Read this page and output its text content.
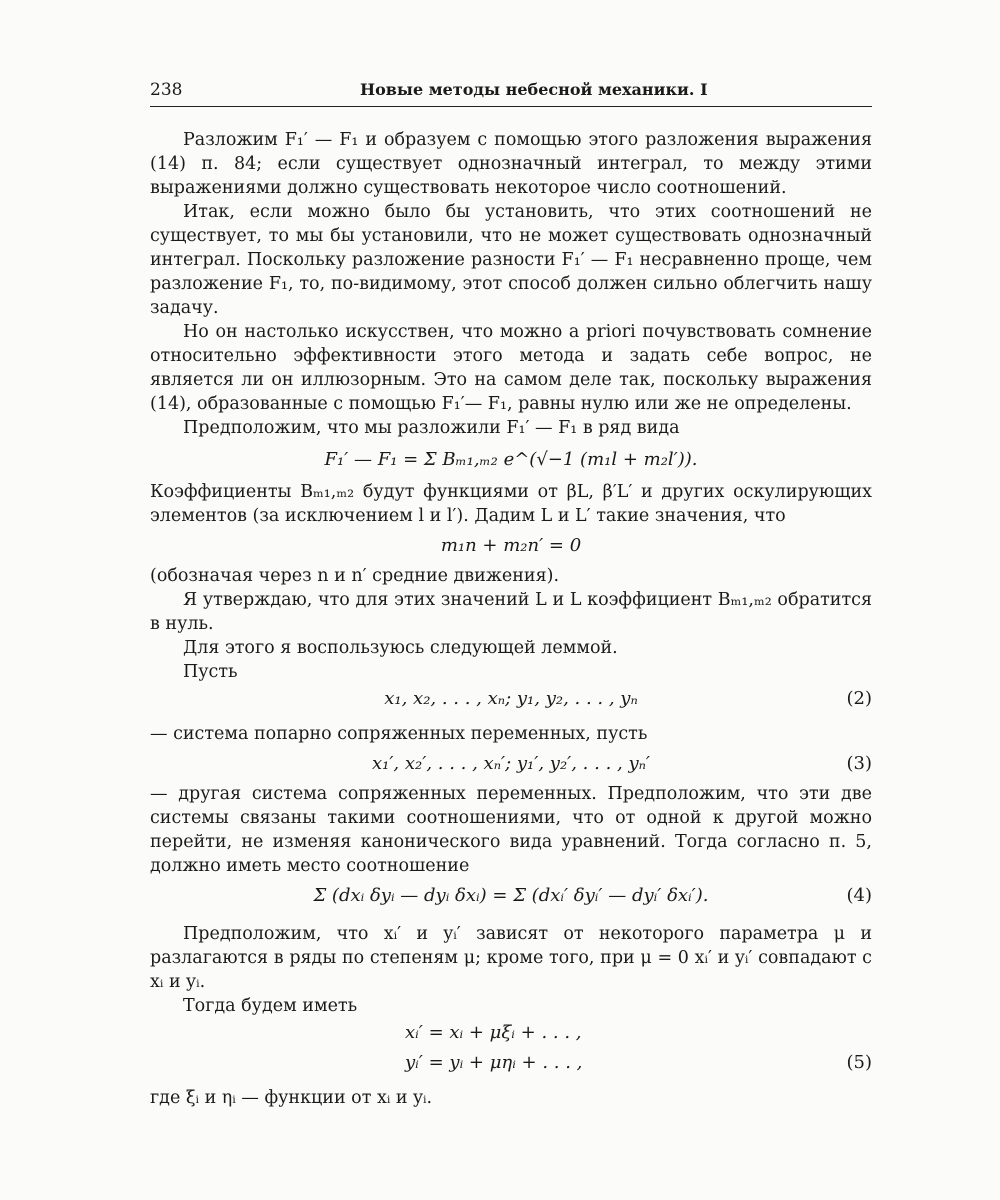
238	Новые методы небесной механики. I

Разложим F₁′ — F₁ и образуем с помощью этого разложения выражения (14) п. 84; если существует однозначный интеграл, то между этими выражениями должно существовать некоторое число соотношений.

Итак, если можно было бы установить, что этих соотношений не существует, то мы бы установили, что не может существовать однозначный интеграл. Поскольку разложение разности F₁′ — F₁ несравненно проще, чем разложение F₁, то, по-видимому, этот способ должен сильно облегчить нашу задачу.

Но он настолько искусствен, что можно a priori почувствовать сомнение относительно эффективности этого метода и задать себе вопрос, не является ли он иллюзорным. Это на самом деле так, поскольку выражения (14), образованные с помощью F₁′— F₁, равны нулю или же не определены.

Предположим, что мы разложили F₁′ — F₁ в ряд вида

F₁′ — F₁ = Σ Bₘ₁,ₘ₂ e^(√−1 (m₁l + m₂l′)).

Коэффициенты Bₘ₁,ₘ₂ будут функциями от βL, β′L′ и других оскулирующих элементов (за исключением l и l′). Дадим L и L′ такие значения, что

m₁n + m₂n′ = 0

(обозначая через n и n′ средние движения).

Я утверждаю, что для этих значений L и L коэффициент Bₘ₁,ₘ₂ обратится в нуль.

Для этого я воспользуюсь следующей леммой.

Пусть

x₁, x₂, . . . , xₙ; y₁, y₂, . . . , yₙ	(2)

— система попарно сопряженных переменных, пусть

x₁′, x₂′, . . . , xₙ′; y₁′, y₂′, . . . , yₙ′	(3)

— другая система сопряженных переменных. Предположим, что эти две системы связаны такими соотношениями, что от одной к другой можно перейти, не изменяя канонического вида уравнений. Тогда согласно п. 5, должно иметь место соотношение

Σ (dxᵢ δyᵢ — dyᵢ δxᵢ) = Σ (dxᵢ′ δyᵢ′ — dyᵢ′ δxᵢ′).	(4)

Предположим, что xᵢ′ и yᵢ′ зависят от некоторого параметра μ и разлагаются в ряды по степеням μ; кроме того, при μ = 0 xᵢ′ и yᵢ′ совпадают с xᵢ и yᵢ.

Тогда будем иметь

xᵢ′ = xᵢ + μξᵢ + . . . ,
yᵢ′ = yᵢ + μηᵢ + . . . ,	(5)

где ξᵢ и ηᵢ — функции от xᵢ и yᵢ.
